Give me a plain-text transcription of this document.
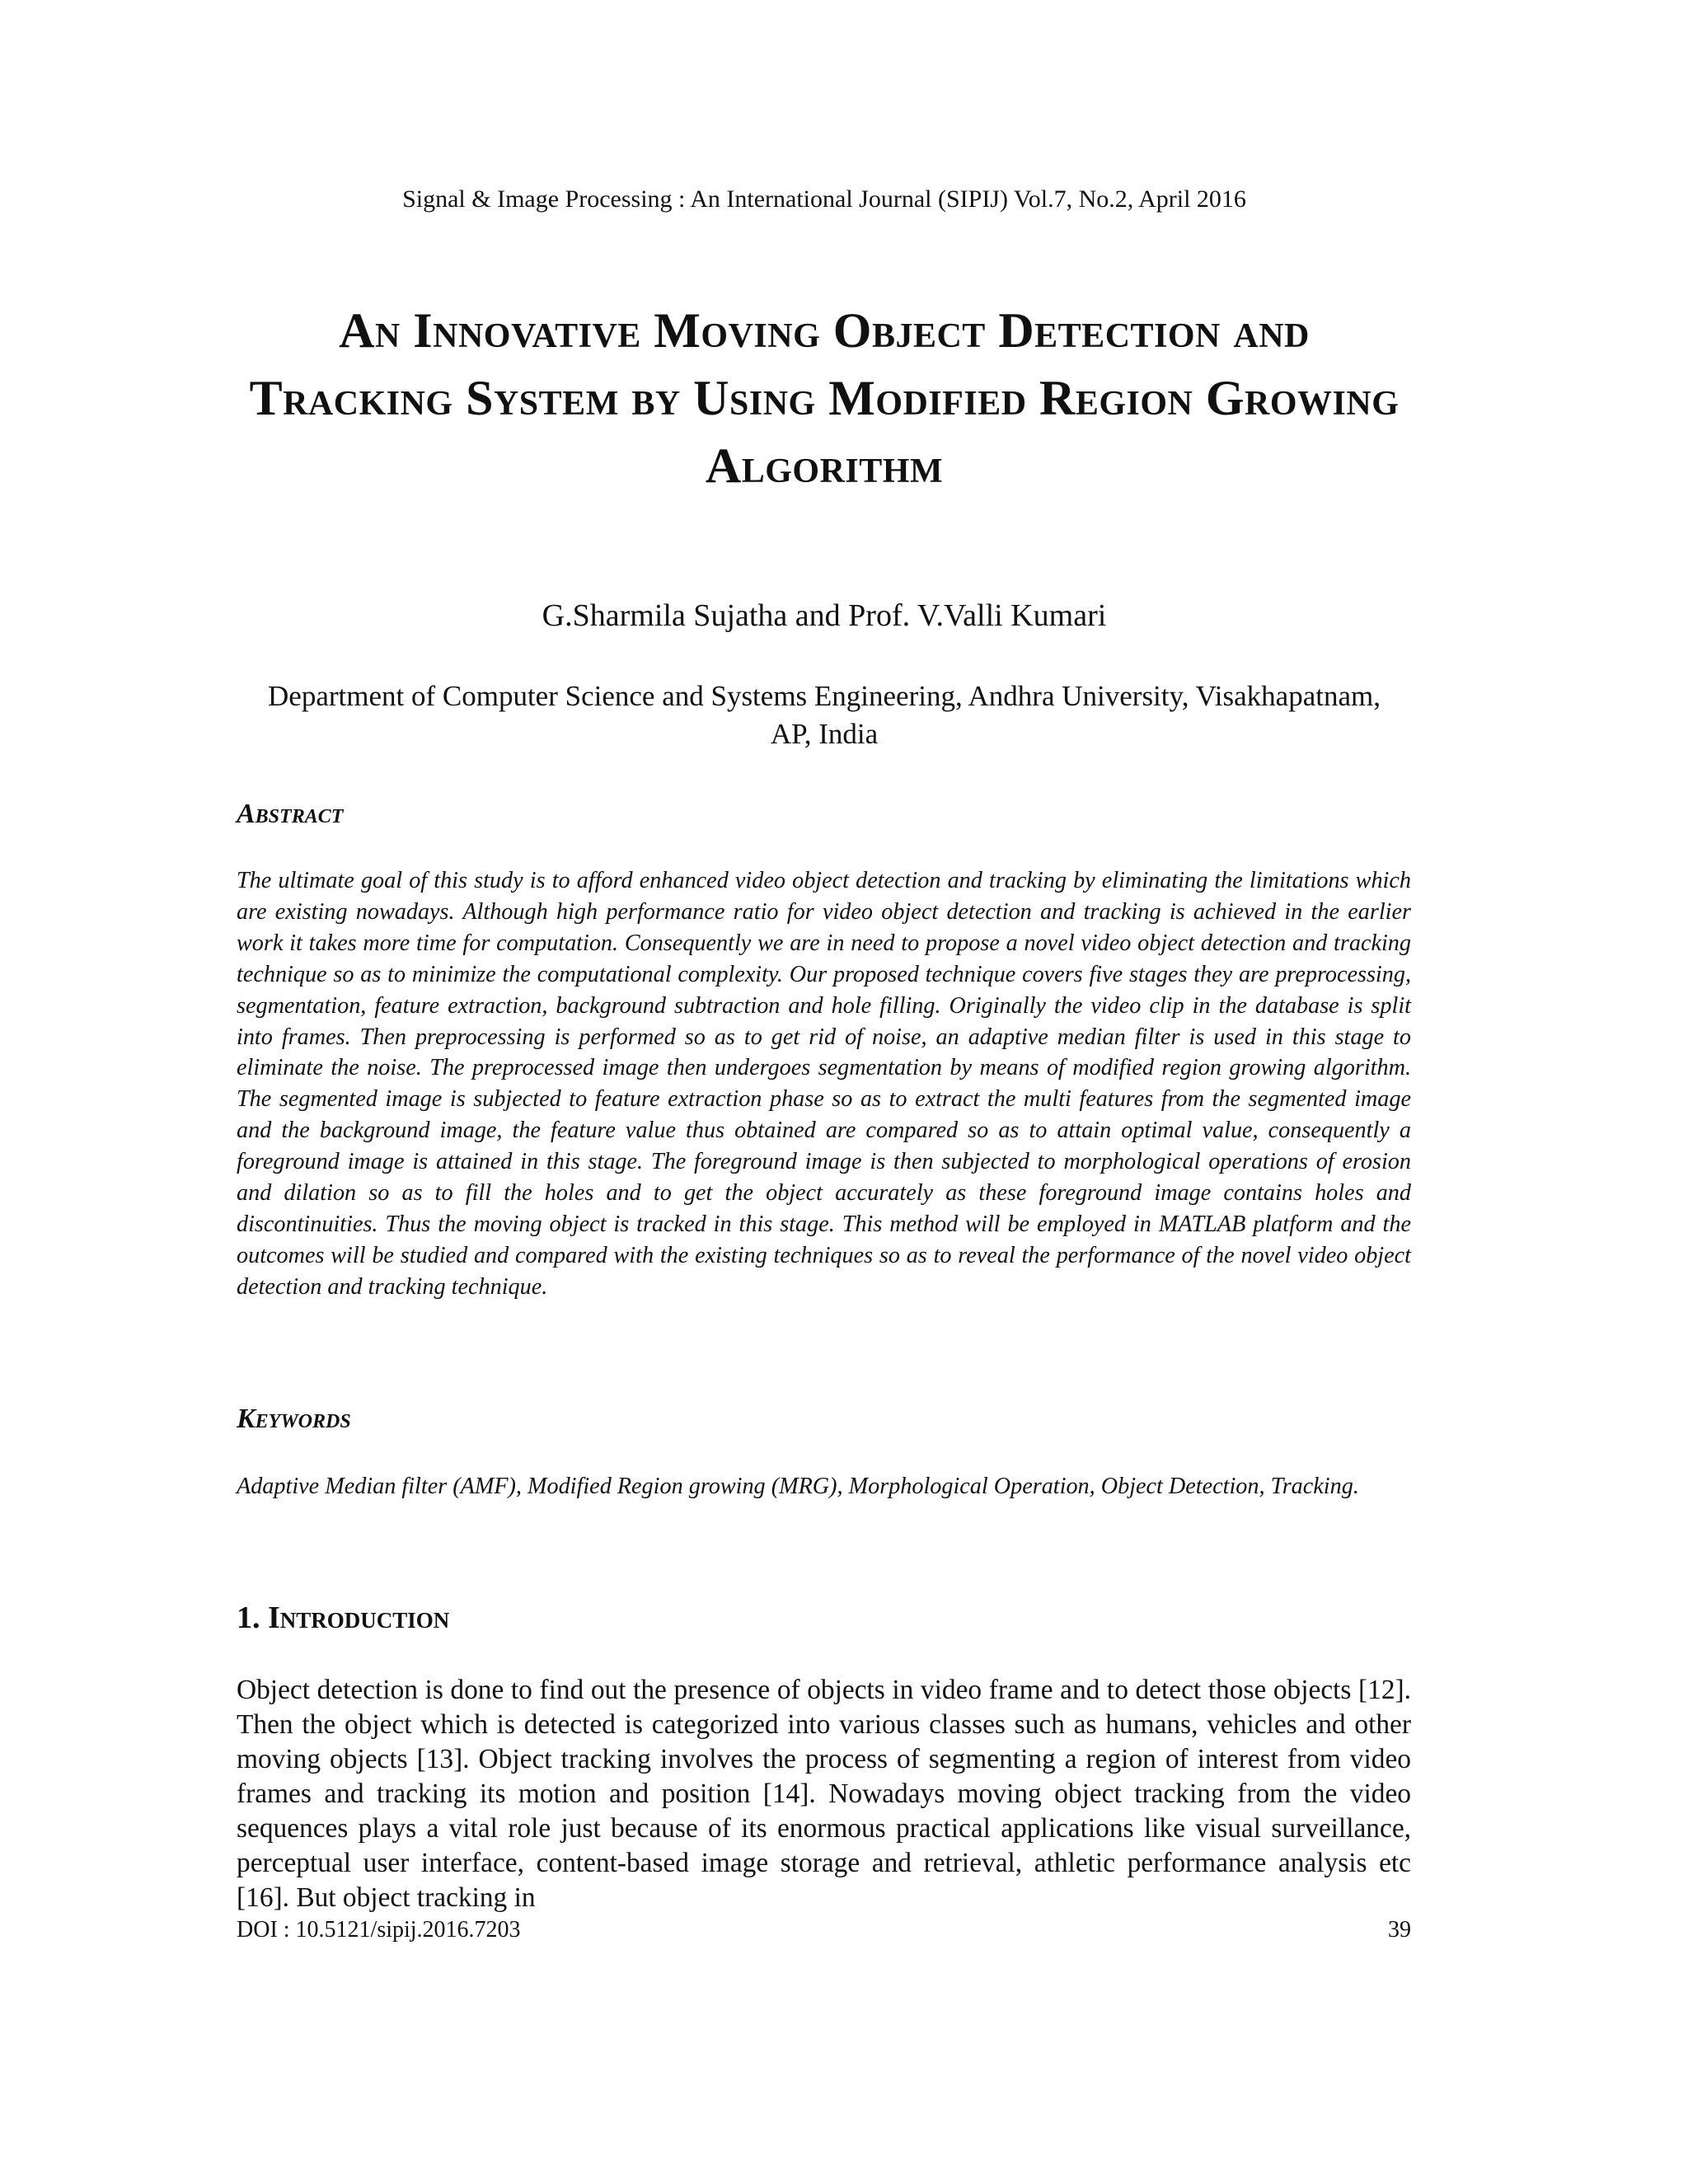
Signal & Image Processing : An International Journal (SIPIJ) Vol.7, No.2, April 2016
An Innovative Moving Object Detection and Tracking System by Using Modified Region Growing Algorithm
G.Sharmila Sujatha and Prof. V.Valli Kumari
Department of Computer Science and Systems Engineering, Andhra University, Visakhapatnam, AP, India
Abstract
The ultimate goal of this study is to afford enhanced video object detection and tracking by eliminating the limitations which are existing nowadays. Although high performance ratio for video object detection and tracking is achieved in the earlier work it takes more time for computation. Consequently we are in need to propose a novel video object detection and tracking technique so as to minimize the computational complexity. Our proposed technique covers five stages they are preprocessing, segmentation, feature extraction, background subtraction and hole filling. Originally the video clip in the database is split into frames. Then preprocessing is performed so as to get rid of noise, an adaptive median filter is used in this stage to eliminate the noise. The preprocessed image then undergoes segmentation by means of modified region growing algorithm. The segmented image is subjected to feature extraction phase so as to extract the multi features from the segmented image and the background image, the feature value thus obtained are compared so as to attain optimal value, consequently a foreground image is attained in this stage. The foreground image is then subjected to morphological operations of erosion and dilation so as to fill the holes and to get the object accurately as these foreground image contains holes and discontinuities. Thus the moving object is tracked in this stage. This method will be employed in MATLAB platform and the outcomes will be studied and compared with the existing techniques so as to reveal the performance of the novel video object detection and tracking technique.
Keywords
Adaptive Median filter (AMF), Modified Region growing (MRG), Morphological Operation, Object Detection, Tracking.
1. Introduction
Object detection is done to find out the presence of objects in video frame and to detect those objects [12]. Then the object which is detected is categorized into various classes such as humans, vehicles and other moving objects [13]. Object tracking involves the process of segmenting a region of interest from video frames and tracking its motion and position [14]. Nowadays moving object tracking from the video sequences plays a vital role just because of its enormous practical applications like visual surveillance, perceptual user interface, content-based image storage and retrieval, athletic performance analysis etc [16]. But object tracking in
DOI : 10.5121/sipij.2016.7203	39
